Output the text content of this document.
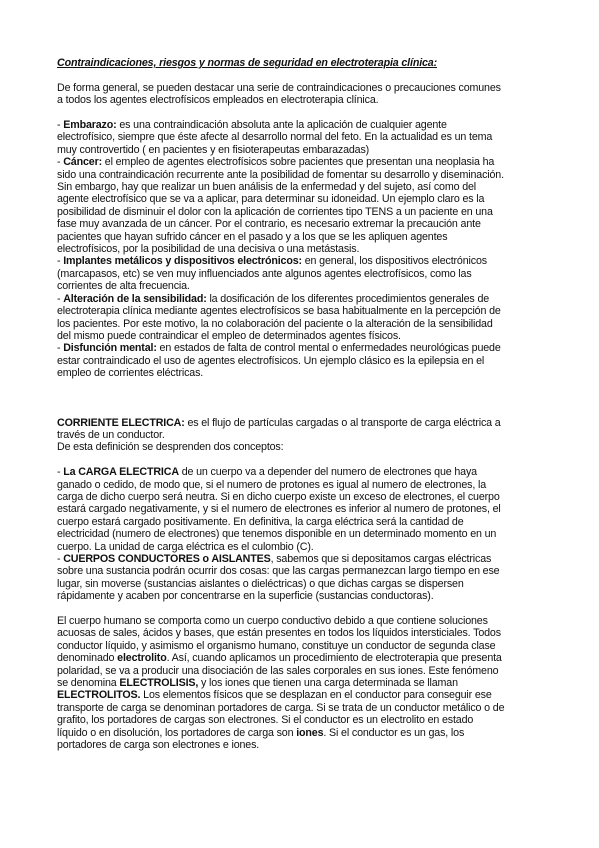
Contraindicaciones, riesgos y normas de seguridad en electroterapia clínica:
De forma general, se pueden destacar una serie de contraindicaciones o precauciones comunes
a todos los agentes electrofísicos empleados en electroterapia clínica.
- Embarazo: es una contraindicación absoluta ante la aplicación de cualquier agente
electrofísico, siempre que éste afecte al desarrollo normal del feto. En la actualidad es un tema
muy controvertido ( en pacientes y en fisioterapeutas embarazadas)
- Cáncer: el empleo de agentes electrofísicos sobre pacientes que presentan una neoplasia ha
sido una contraindicación recurrente ante la posibilidad de fomentar su desarrollo y diseminación.
Sin embargo, hay que realizar un buen análisis de la enfermedad y del sujeto, así como del
agente electrofísico que se va a aplicar, para determinar su idoneidad. Un ejemplo claro es la
posibilidad de disminuir el dolor con la aplicación de corrientes tipo TENS a un paciente en una
fase muy avanzada de un cáncer. Por el contrario, es necesario extremar la precaución ante
pacientes que hayan sufrido cáncer en el pasado y a los que se les apliquen agentes
electrofísicos, por la posibilidad de una decisiva o una metástasis.
- Implantes metálicos y dispositivos electrónicos: en general, los dispositivos electrónicos
(marcapasos, etc) se ven muy influenciados ante algunos agentes electrofísicos, como las
corrientes de alta frecuencia.
- Alteración de la sensibilidad: la dosificación de los diferentes procedimientos generales de
electroterapia clínica mediante agentes electrofísicos se basa habitualmente en la percepción de
los pacientes. Por este motivo, la no colaboración del paciente o la alteración de la sensibilidad
del mismo puede contraindicar el empleo de determinados agentes físicos.
- Disfunción mental: en estados de falta de control mental o enfermedades neurológicas puede
estar contraindicado el uso de agentes electrofísicos. Un ejemplo clásico es la epilepsia en el
empleo de corrientes eléctricas.
CORRIENTE ELECTRICA: es el flujo de partículas cargadas o al transporte de carga eléctrica a
través de un conductor.
De esta definición se desprenden dos conceptos:
- La CARGA ELECTRICA de un cuerpo va a depender del numero de electrones que haya
ganado o cedido, de modo que, si el numero de protones es igual al numero de electrones, la
carga de dicho cuerpo será neutra. Si en dicho cuerpo existe un exceso de electrones, el cuerpo
estará cargado negativamente, y si el numero de electrones es inferior al numero de protones, el
cuerpo estará cargado positivamente. En definitiva, la carga eléctrica será la cantidad de
electricidad (numero de electrones) que tenemos disponible en un determinado momento en un
cuerpo. La unidad de carga eléctrica es el culombio (C).
- CUERPOS CONDUCTORES o AISLANTES, sabemos que si depositamos cargas eléctricas
sobre una sustancia podrán ocurrir dos cosas: que las cargas permanezcan largo tiempo en ese
lugar, sin moverse (sustancias aislantes o dieléctricas) o que dichas cargas se dispersen
rápidamente y acaben por concentrarse en la superficie (sustancias conductoras).
El cuerpo humano se comporta como un cuerpo conductivo debido a que contiene soluciones
acuosas de sales, ácidos y bases, que están presentes en todos los líquidos intersticiales. Todos
conductor líquido, y asimismo el organismo humano, constituye un conductor de segunda clase
denominado electrolito. Así, cuando aplicamos un procedimiento de electroterapia que presenta
polaridad, se va a producir una disociación de las sales corporales en sus iones. Este fenómeno
se denomina ELECTROLISIS, y los iones que tienen una carga determinada se llaman
ELECTROLITOS. Los elementos físicos que se desplazan en el conductor para conseguir ese
transporte de carga se denominan portadores de carga. Si se trata de un conductor metálico o de
grafito, los portadores de cargas son electrones. Si el conductor es un electrolito en estado
líquido o en disolución, los portadores de carga son iones. Si el conductor es un gas, los
portadores de carga son electrones e iones.
